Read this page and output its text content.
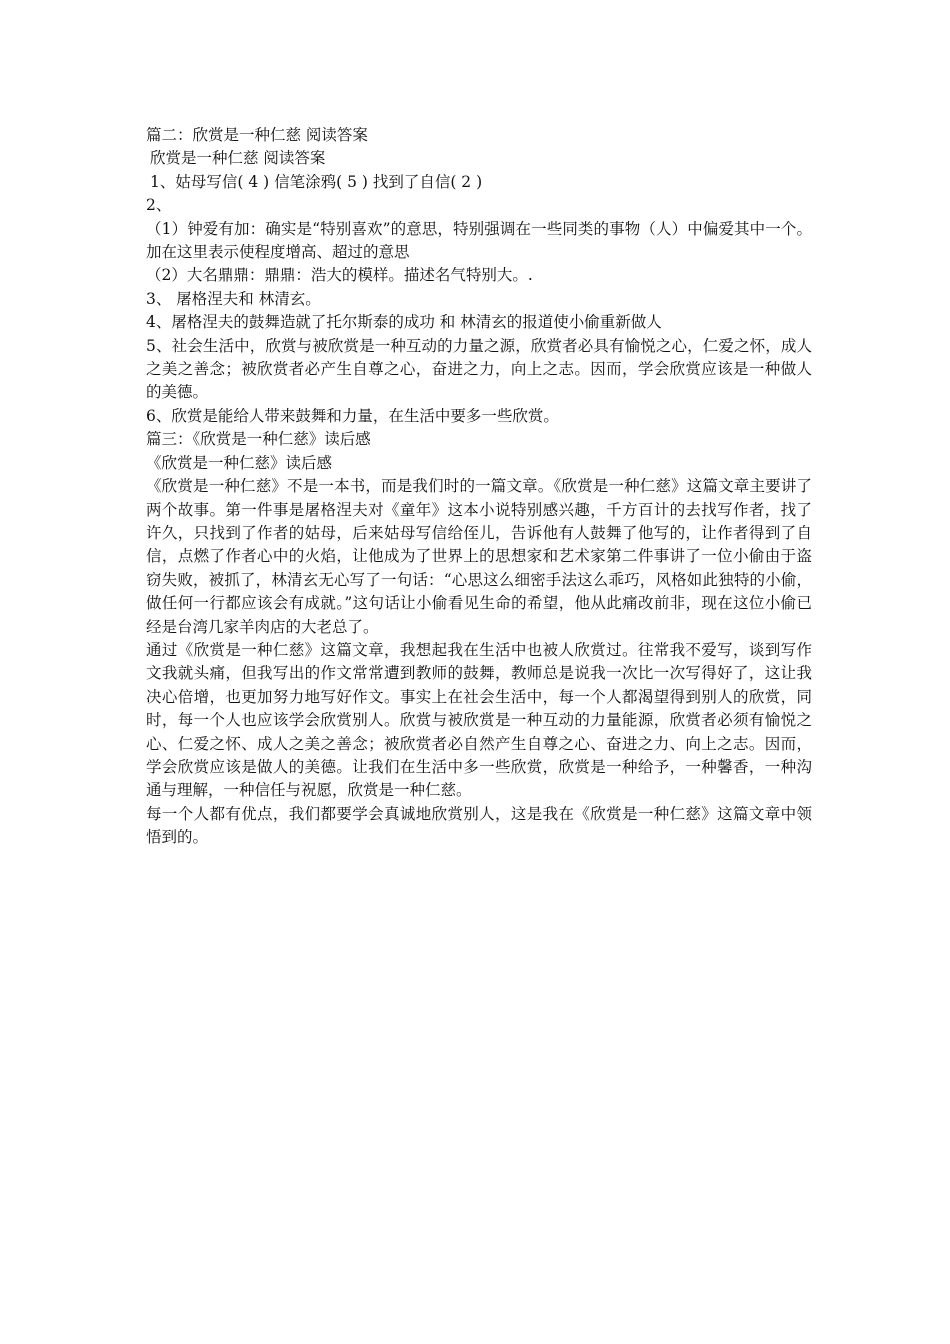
篇二：欣赏是一种仁慈 阅读答案

欣赏是一种仁慈 阅读答案

1、姑母写信( 4 ) 信笔涂鸦( 5 ) 找到了自信( 2 )

2、

（1）钟爱有加：确实是“特别喜欢”的意思，特别强调在一些同类的事物（人）中偏爱其中一个。加在这里表示使程度增高、超过的意思

（2）大名鼎鼎：鼎鼎：浩大的模样。描述名气特别大。.

3、 屠格涅夫和 林清玄。

4、屠格涅夫的鼓舞造就了托尔斯泰的成功 和 林清玄的报道使小偷重新做人

5、社会生活中，欣赏与被欣赏是一种互动的力量之源，欣赏者必具有愉悦之心，仁爱之怀，成人之美之善念；被欣赏者必产生自尊之心，奋进之力，向上之志。因而，学会欣赏应该是一种做人的美德。

6、欣赏是能给人带来鼓舞和力量，在生活中要多一些欣赏。

篇三：《欣赏是一种仁慈》读后感

《欣赏是一种仁慈》读后感

《欣赏是一种仁慈》不是一本书，而是我们时的一篇文章。《欣赏是一种仁慈》这篇文章主要讲了两个故事。第一件事是屠格涅夫对《童年》这本小说特别感兴趣，千方百计的去找写作者，找了许久，只找到了作者的姑母，后来姑母写信给侄儿，告诉他有人鼓舞了他写的，让作者得到了自信，点燃了作者心中的火焰，让他成为了世界上的思想家和艺术家第二件事讲了一位小偷由于盗窃失败，被抓了，林清玄无心写了一句话：“心思这么细密手法这么乖巧，风格如此独特的小偷，做任何一行都应该会有成就。”这句话让小偷看见生命的希望，他从此痛改前非，现在这位小偷已经是台湾几家羊肉店的大老总了。

通过《欣赏是一种仁慈》这篇文章，我想起我在生活中也被人欣赏过。往常我不爱写，谈到写作文我就头痛，但我写出的作文常常遭到教师的鼓舞，教师总是说我一次比一次写得好了，这让我决心倍增，也更加努力地写好作文。事实上在社会生活中，每一个人都渴望得到别人的欣赏，同时，每一个人也应该学会欣赏别人。欣赏与被欣赏是一种互动的力量能源，欣赏者必须有愉悦之心、仁爱之怀、成人之美之善念；被欣赏者必自然产生自尊之心、奋进之力、向上之志。因而，学会欣赏应该是做人的美德。让我们在生活中多一些欣赏，欣赏是一种给予，一种馨香，一种沟通与理解，一种信任与祝愿，欣赏是一种仁慈。

每一个人都有优点，我们都要学会真诚地欣赏别人，这是我在《欣赏是一种仁慈》这篇文章中领悟到的。
